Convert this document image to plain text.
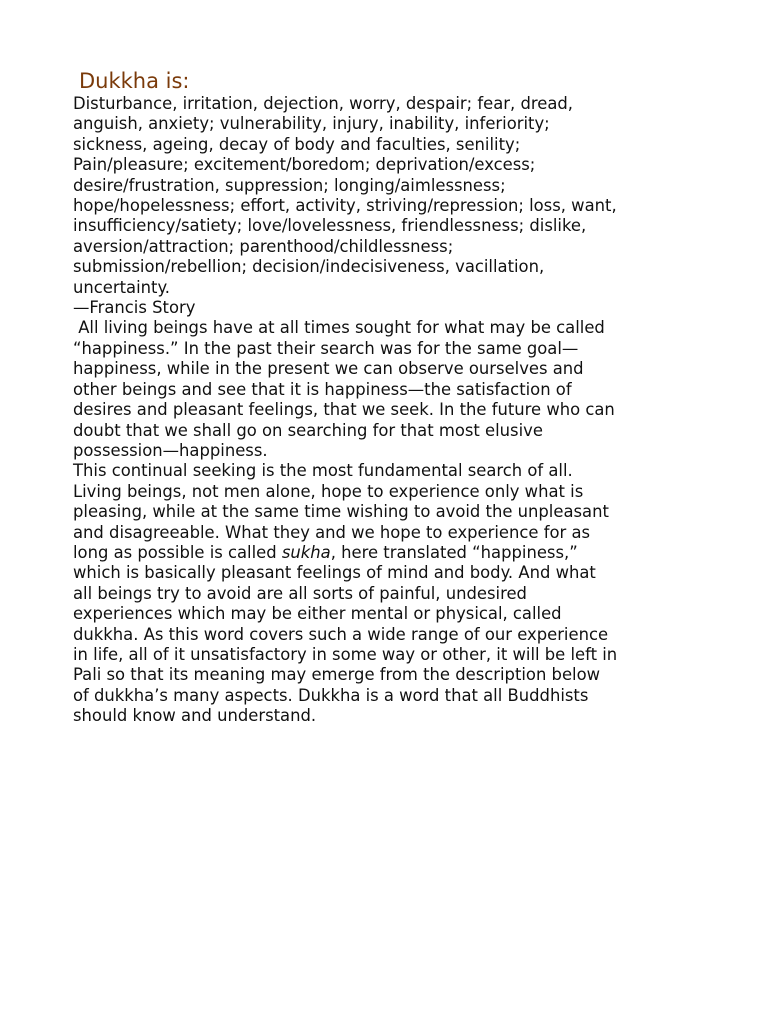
Dukkha is:
Disturbance, irritation, dejection, worry, despair; fear, dread,
anguish, anxiety; vulnerability, injury, inability, inferiority;
sickness, ageing, decay of body and faculties, senility;
Pain/pleasure; excitement/boredom; deprivation/excess;
desire/frustration, suppression; longing/aimlessness;
hope/hopelessness; effort, activity, striving/repression; loss, want,
insufficiency/satiety; love/lovelessness, friendlessness; dislike,
aversion/attraction; parenthood/childlessness;
submission/rebellion; decision/indecisiveness, vacillation,
uncertainty.
—Francis Story
All living beings have at all times sought for what may be called
“happiness.” In the past their search was for the same goal—
happiness, while in the present we can observe ourselves and
other beings and see that it is happiness—the satisfaction of
desires and pleasant feelings, that we seek. In the future who can
doubt that we shall go on searching for that most elusive
possession—happiness.
This continual seeking is the most fundamental search of all.
Living beings, not men alone, hope to experience only what is
pleasing, while at the same time wishing to avoid the unpleasant
and disagreeable. What they and we hope to experience for as
long as possible is called sukha, here translated “happiness,”
which is basically pleasant feelings of mind and body. And what
all beings try to avoid are all sorts of painful, undesired
experiences which may be either mental or physical, called
dukkha. As this word covers such a wide range of our experience
in life, all of it unsatisfactory in some way or other, it will be left in
Pali so that its meaning may emerge from the description below
of dukkha’s many aspects. Dukkha is a word that all Buddhists
should know and understand.
